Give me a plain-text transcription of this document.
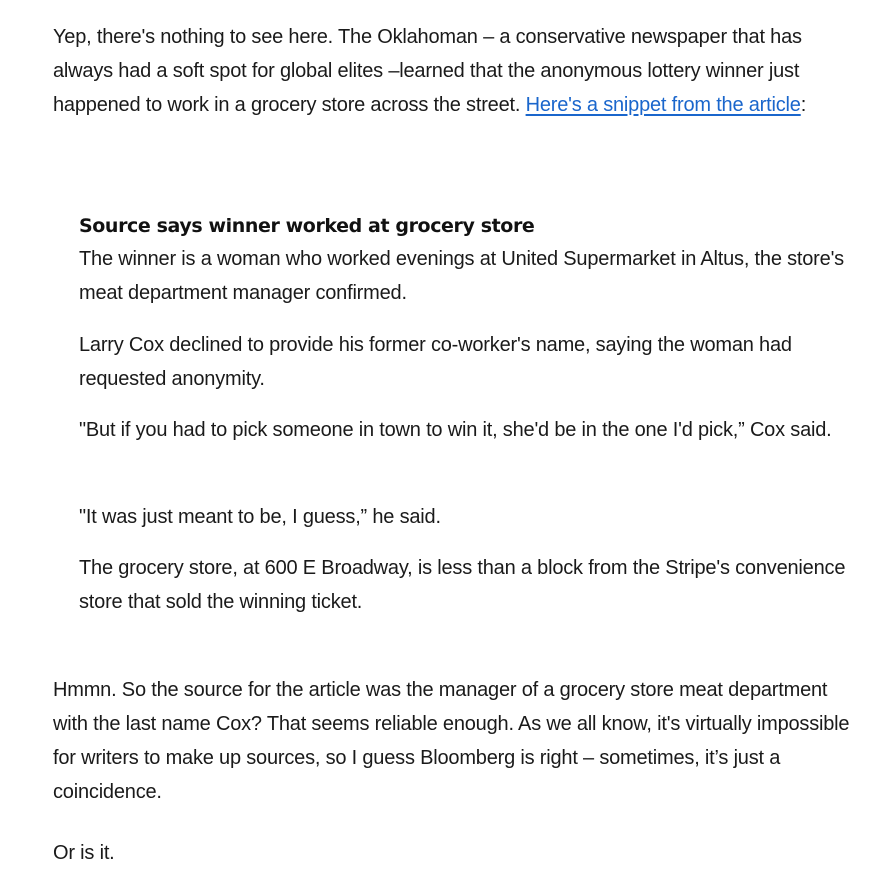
Yep, there's nothing to see here. The Oklahoman – a conservative newspaper that has always had a soft spot for global elites –learned that the anonymous lottery winner just happened to work in a grocery store across the street. Here's a snippet from the article:

Source says winner worked at grocery store

The winner is a woman who worked evenings at United Supermarket in Altus, the store's meat department manager confirmed.

Larry Cox declined to provide his former co-worker's name, saying the woman had requested anonymity.

"But if you had to pick someone in town to win it, she'd be in the one I'd pick,” Cox said.

"It was just meant to be, I guess,” he said.

The grocery store, at 600 E Broadway, is less than a block from the Stripe's convenience store that sold the winning ticket.

Hmmn. So the source for the article was the manager of a grocery store meat department with the last name Cox? That seems reliable enough. As we all know, it's virtually impossible for writers to make up sources, so I guess Bloomberg is right – sometimes, it’s just a coincidence.

Or is it.
